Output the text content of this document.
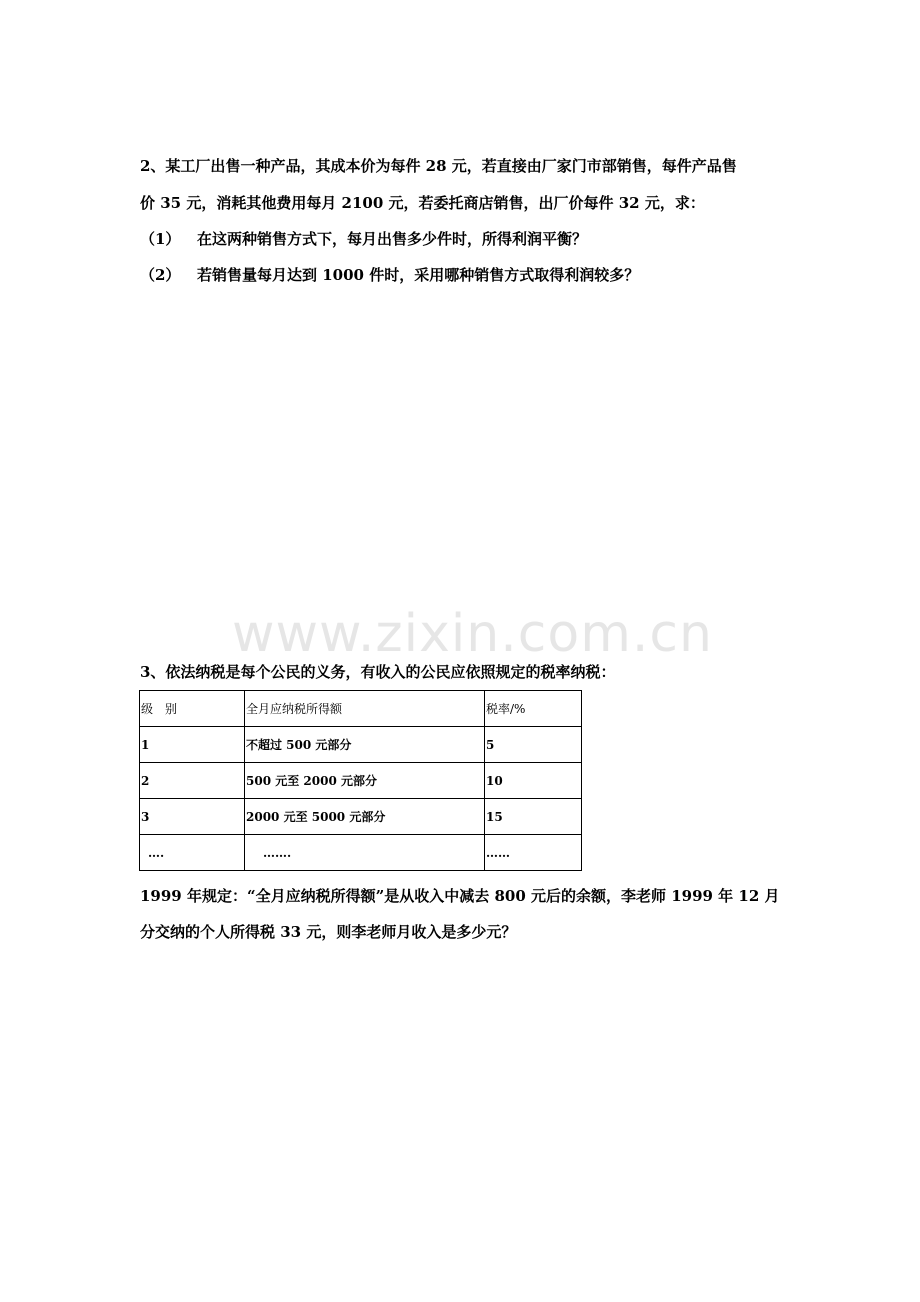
2、某工厂出售一种产品，其成本价为每件 28 元，若直接由厂家门市部销售，每件产品售
价 35 元，消耗其他费用每月 2100 元，若委托商店销售，出厂价每件 32 元，求：
（1） 在这两种销售方式下，每月出售多少件时，所得利润平衡？
（2） 若销售量每月达到 1000 件时，采用哪种销售方式取得利润较多？
www.zixin.com.cn
3、依法纳税是每个公民的义务，有收入的公民应依照规定的税率纳税：
级　别	全月应纳税所得额	税率/%
1	不超过 500 元部分	5
2	500 元至 2000 元部分	10
3	2000 元至 5000 元部分	15
….	…….	……
1999 年规定：“全月应纳税所得额”是从收入中减去 800 元后的余额，李老师 1999 年 12 月
分交纳的个人所得税 33 元，则李老师月收入是多少元？
